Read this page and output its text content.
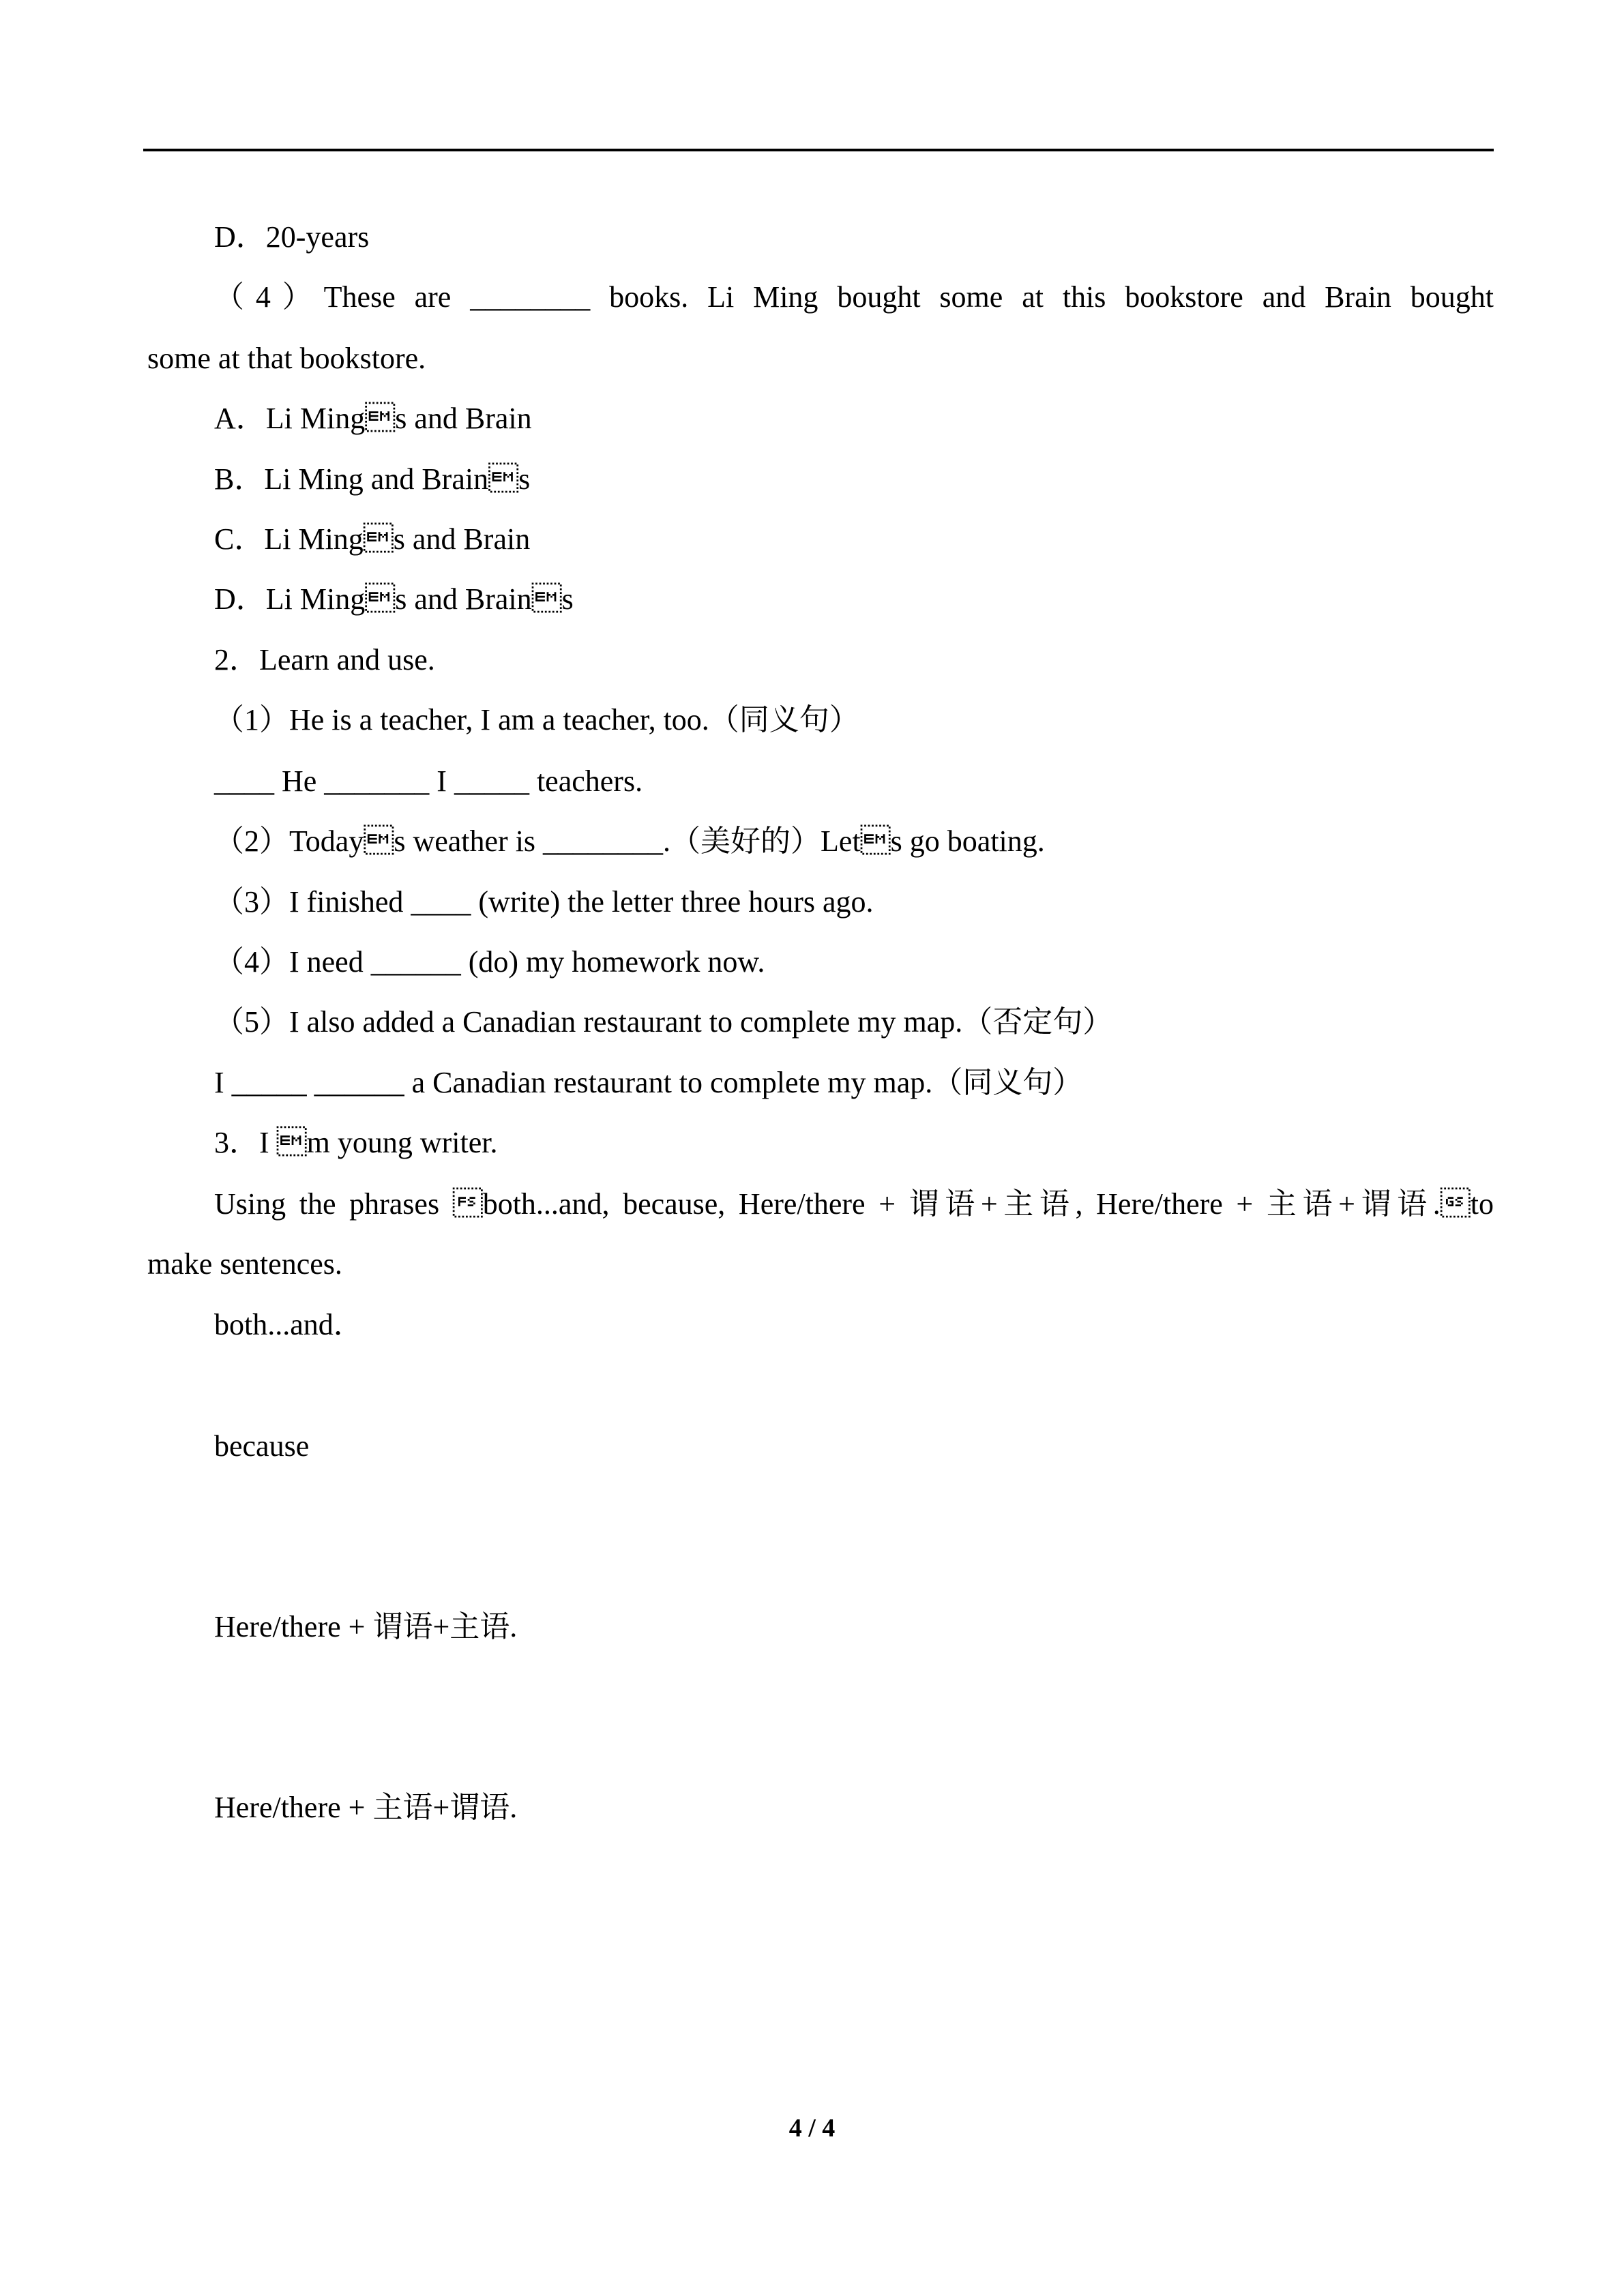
D．20-years
（4）These are ________ books. Li Ming bought some at this bookstore and Brain bought
some at that bookstore.
A．Li Mings and Brain
B．Li Ming and Brains
C．Li Mings and Brain
D．Li Mings and Brains
2．Learn and use.
（1）He is a teacher, I am a teacher, too.（同义句）
____ He _______ I _____ teachers.
（2）Todays weather is ________.（美好的）Lets go boating.
（3）I finished ____ (write) the letter three hours ago.
（4）I need ______ (do) my homework now.
（5）I also added a Canadian restaurant to complete my map.（否定句）
I _____ ______ a Canadian restaurant to complete my map.（同义句）
3．I m young writer.
Using the phrases both...and, because, Here/there + 谓语+主语, Here/there + 主语+谓语.to
make sentences.
both...and．
because
Here/there + 谓语+主语.
Here/there + 主语+谓语.
4 / 4
